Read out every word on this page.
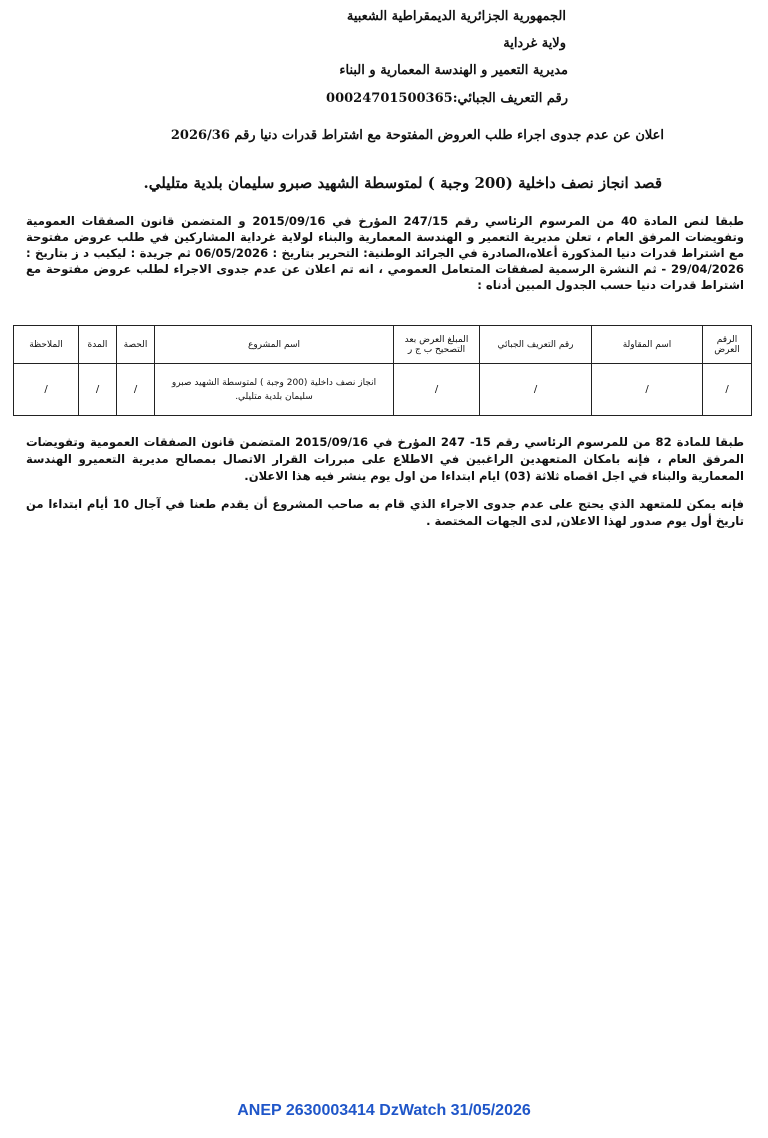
الجمهورية الجزائرية الديمقراطية الشعبية
ولاية غرداية
مديرية التعمير و الهندسة المعمارية و البناء
رقم التعريف الجبائي:00024701500365
اعلان عن عدم جدوى اجراء طلب العروض المفتوحة مع اشتراط قدرات دنيا رقم 2026/36
قصد انجاز نصف داخلية (200 وجبة ) لمتوسطة الشهيد صبرو سليمان بلدية متليلي.
طبقا لنص المادة 40 من المرسوم الرئاسي رقم 247/15 المؤرخ في 2015/09/16 و المتضمن قانون الصفقات العمومية وتفويضات المرفق العام ، تعلن مديرية التعمير و الهندسة المعمارية والبناء لولاية غرداية المشاركين في طلب عروض مفتوحة مع اشتراط قدرات دنيا المذكورة أعلاه،الصادرة في الجرائد الوطنية: التحرير بتاريخ : 06/05/2026 ثم جريدة : ليكيب د ز بتاريخ : 29/04/2026 - ثم النشرة الرسمية لصفقات المتعامل العمومي ، انه تم اعلان عن عدم جدوى الاجراء لطلب عروض مفتوحة مع اشتراط قدرات دنيا حسب الجدول المبين أدناه :
الرقم العرض	اسم المقاولة	رقم التعريف الجبائي	المبلغ العرض بعد التصحيح ب ج ر	اسم المشروع	الحصة	المدة	الملاحظة
/	/	/	/	انجاز نصف داخلية (200 وجبة ) لمتوسطة الشهيد صبرو سليمان بلدية متليلي.	/	/	/
طبقا للمادة 82 من للمرسوم الرئاسي رقم 15- 247 المؤرخ في 2015/09/16 المتضمن قانون الصفقات العمومية وتفويضات المرفق العام ، فإنه بامكان المتعهدين الراغبين في الاطلاع على مبررات القرار الاتصال بمصالح مديرية التعميرو الهندسة المعمارية والبناء في اجل اقصاه ثلاثة (03) ايام ابتداءا من اول يوم ينشر فيه هذا الاعلان.
فإنه يمكن للمتعهد الذي يحتج على عدم جدوى الاجراء الذي قام به صاحب المشروع أن يقدم طعنا في آجال 10 أيام ابتداءا من تاريخ أول يوم صدور لهذا الاعلان, لدى الجهات المختصة .
ANEP 2630003414 DzWatch 31/05/2026
